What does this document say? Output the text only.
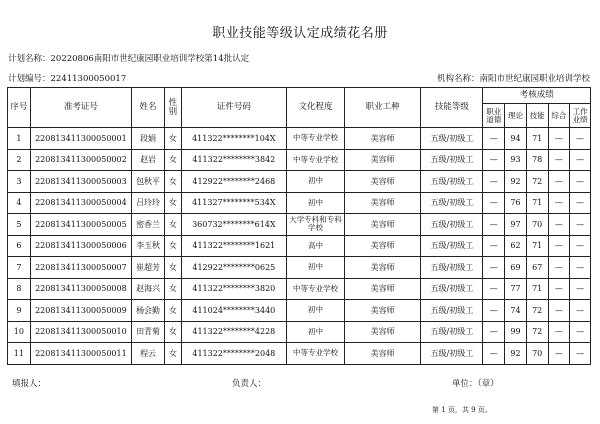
职业技能等级认定成绩花名册
计划名称：20220806南阳市世纪康园职业培训学校第14批认定
计划编号：22411300050017	机构名称：南阳市世纪康园职业培训学校
序号	准考证号	姓名	性别	证件号码	文化程度	职业工种	技能等级	考核成绩				
								职业道德	理论	技能	综合	工作业绩
1	220813411300050001	段娟	女	411322********104X	中等专业学校	美容师	五级/初级工	—	94	71	—	—
2	220813411300050002	赵岩	女	411322********3842	中等专业学校	美容师	五级/初级工	—	93	78	—	—
3	220813411300050003	包秋平	女	412922********2468	初中	美容师	五级/初级工	—	92	72	—	—
4	220813411300050004	吕玲玲	女	411327********534X	初中	美容师	五级/初级工	—	76	71	—	—
5	220813411300050005	密香兰	女	360732********614X	大学专科和专科学校	美容师	五级/初级工	—	97	70	—	—
6	220813411300050006	李玉秋	女	411322********1621	高中	美容师	五级/初级工	—	62	71	—	—
7	220813411300050007	崔超芳	女	412922********0625	初中	美容师	五级/初级工	—	69	67	—	—
8	220813411300050008	赵海兴	女	411322********3820	中等专业学校	美容师	五级/初级工	—	77	71	—	—
9	220813411300050009	杨会勤	女	411024********3440	初中	美容师	五级/初级工	—	74	72	—	—
10	220813411300050010	田青菊	女	411322********4228	初中	美容师	五级/初级工	—	99	72	—	—
11	220813411300050011	程云	女	411322********2048	中等专业学校	美容师	五级/初级工	—	92	70	—	—
填报人：	负责人：	单位：（章）
第 1 页，共 9 页。
